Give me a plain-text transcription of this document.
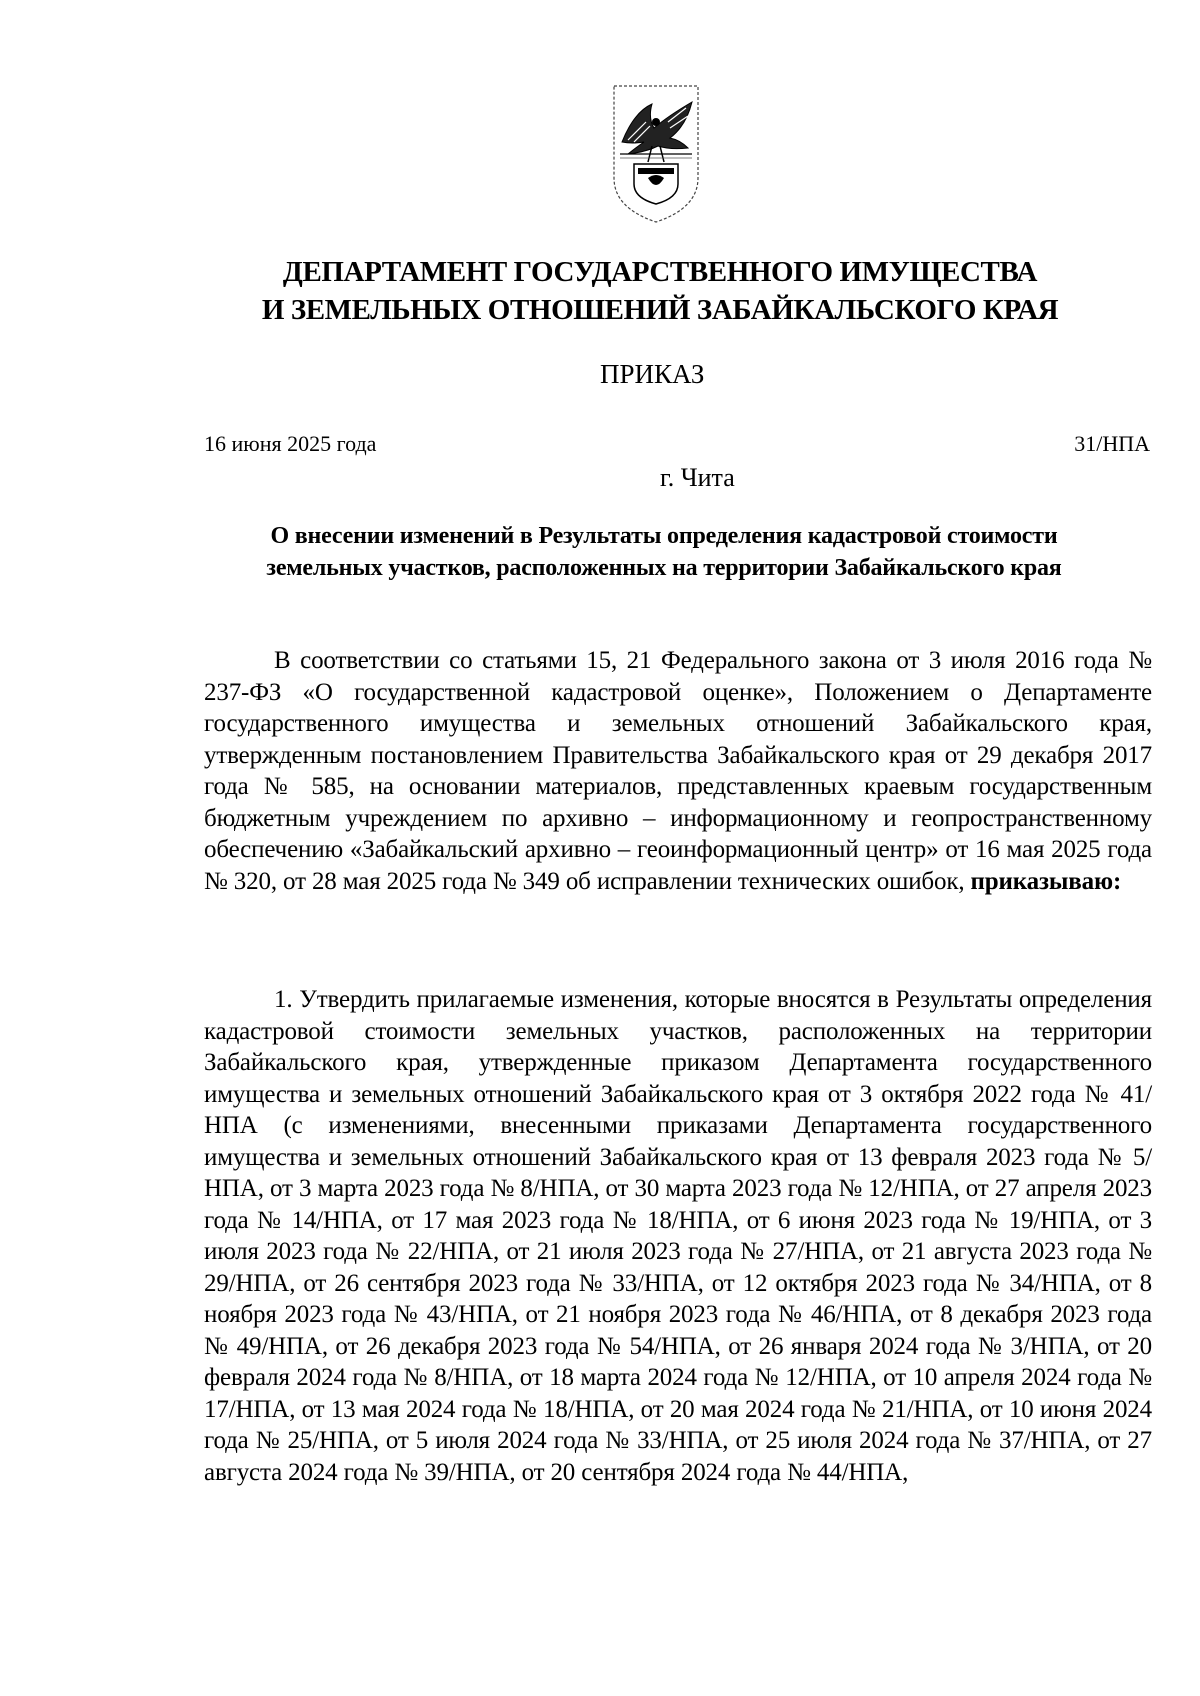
ДЕПАРТАМЕНТ ГОСУДАРСТВЕННОГО ИМУЩЕСТВА
И ЗЕМЕЛЬНЫХ ОТНОШЕНИЙ ЗАБАЙКАЛЬСКОГО КРАЯ
ПРИКАЗ
16 июня 2025 года	31/НПА
г. Чита
О внесении изменений в Результаты определения кадастровой стоимости
земельных участков, расположенных на территории Забайкальского края
В соответствии со статьями 15, 21 Федерального закона от 3 июля 2016 года № 237-ФЗ «О государственной кадастровой оценке», Положением о Департаменте государственного имущества и земельных отношений Забайкальского края, утвержденным постановлением Правительства Забайкальского края от 29 декабря 2017 года № 585, на основании материалов, представленных краевым государственным бюджетным учреждением по архивно – информационному и геопространственному обеспечению «Забайкальский архивно – геоинформационный центр» от 16 мая 2025 года № 320, от 28 мая 2025 года № 349 об исправлении технических ошибок, приказываю:
1. Утвердить прилагаемые изменения, которые вносятся в Результаты определения кадастровой стоимости земельных участков, расположенных на территории Забайкальского края, утвержденные приказом Департамента государственного имущества и земельных отношений Забайкальского края от 3 октября 2022 года № 41/НПА (с изменениями, внесенными приказами Департамента государственного имущества и земельных отношений Забайкальского края от 13 февраля 2023 года № 5/НПА, от 3 марта 2023 года № 8/НПА, от 30 марта 2023 года № 12/НПА, от 27 апреля 2023 года № 14/НПА, от 17 мая 2023 года № 18/НПА, от 6 июня 2023 года № 19/НПА, от 3 июля 2023 года № 22/НПА, от 21 июля 2023 года № 27/НПА, от 21 августа 2023 года № 29/НПА, от 26 сентября 2023 года № 33/НПА, от 12 октября 2023 года № 34/НПА, от 8 ноября 2023 года № 43/НПА, от 21 ноября 2023 года № 46/НПА, от 8 декабря 2023 года № 49/НПА, от 26 декабря 2023 года № 54/НПА, от 26 января 2024 года № 3/НПА, от 20 февраля 2024 года № 8/НПА, от 18 марта 2024 года № 12/НПА, от 10 апреля 2024 года № 17/НПА, от 13 мая 2024 года № 18/НПА, от 20 мая 2024 года № 21/НПА, от 10 июня 2024 года № 25/НПА, от 5 июля 2024 года № 33/НПА, от 25 июля 2024 года № 37/НПА, от 27 августа 2024 года № 39/НПА, от 20 сентября 2024 года № 44/НПА,
